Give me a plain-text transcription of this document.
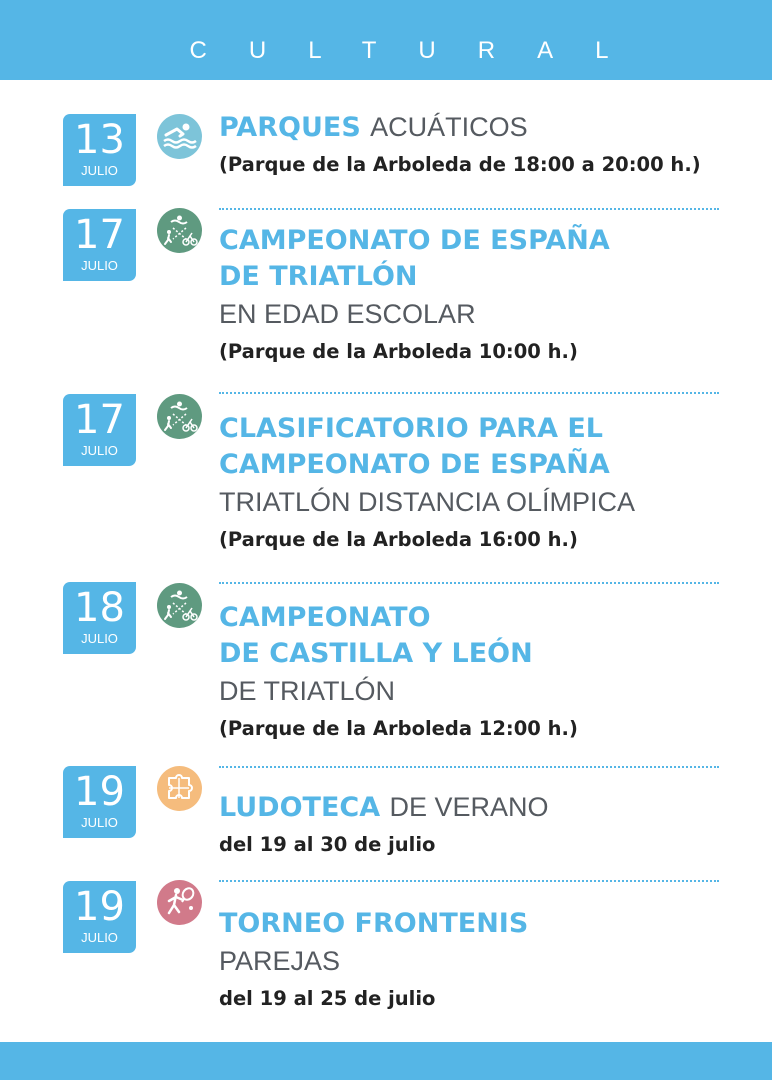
CULTURAL
13
JULIO
PARQUES ACUÁTICOS
(Parque de la Arboleda de 18:00 a 20:00 h.)
17
JULIO
CAMPEONATO DE ESPAÑA
DE TRIATLÓN
EN EDAD ESCOLAR
(Parque de la Arboleda 10:00 h.)
17
JULIO
CLASIFICATORIO PARA EL
CAMPEONATO DE ESPAÑA
TRIATLÓN DISTANCIA OLÍMPICA
(Parque de la Arboleda 16:00 h.)
18
JULIO
CAMPEONATO
DE CASTILLA Y LEÓN
DE TRIATLÓN
(Parque de la Arboleda 12:00 h.)
19
JULIO	LUDOTECA DE VERANO
del 19 al 30 de julio
19
JULIO	TORNEO FRONTENIS
PAREJAS
del 19 al 25 de julio
